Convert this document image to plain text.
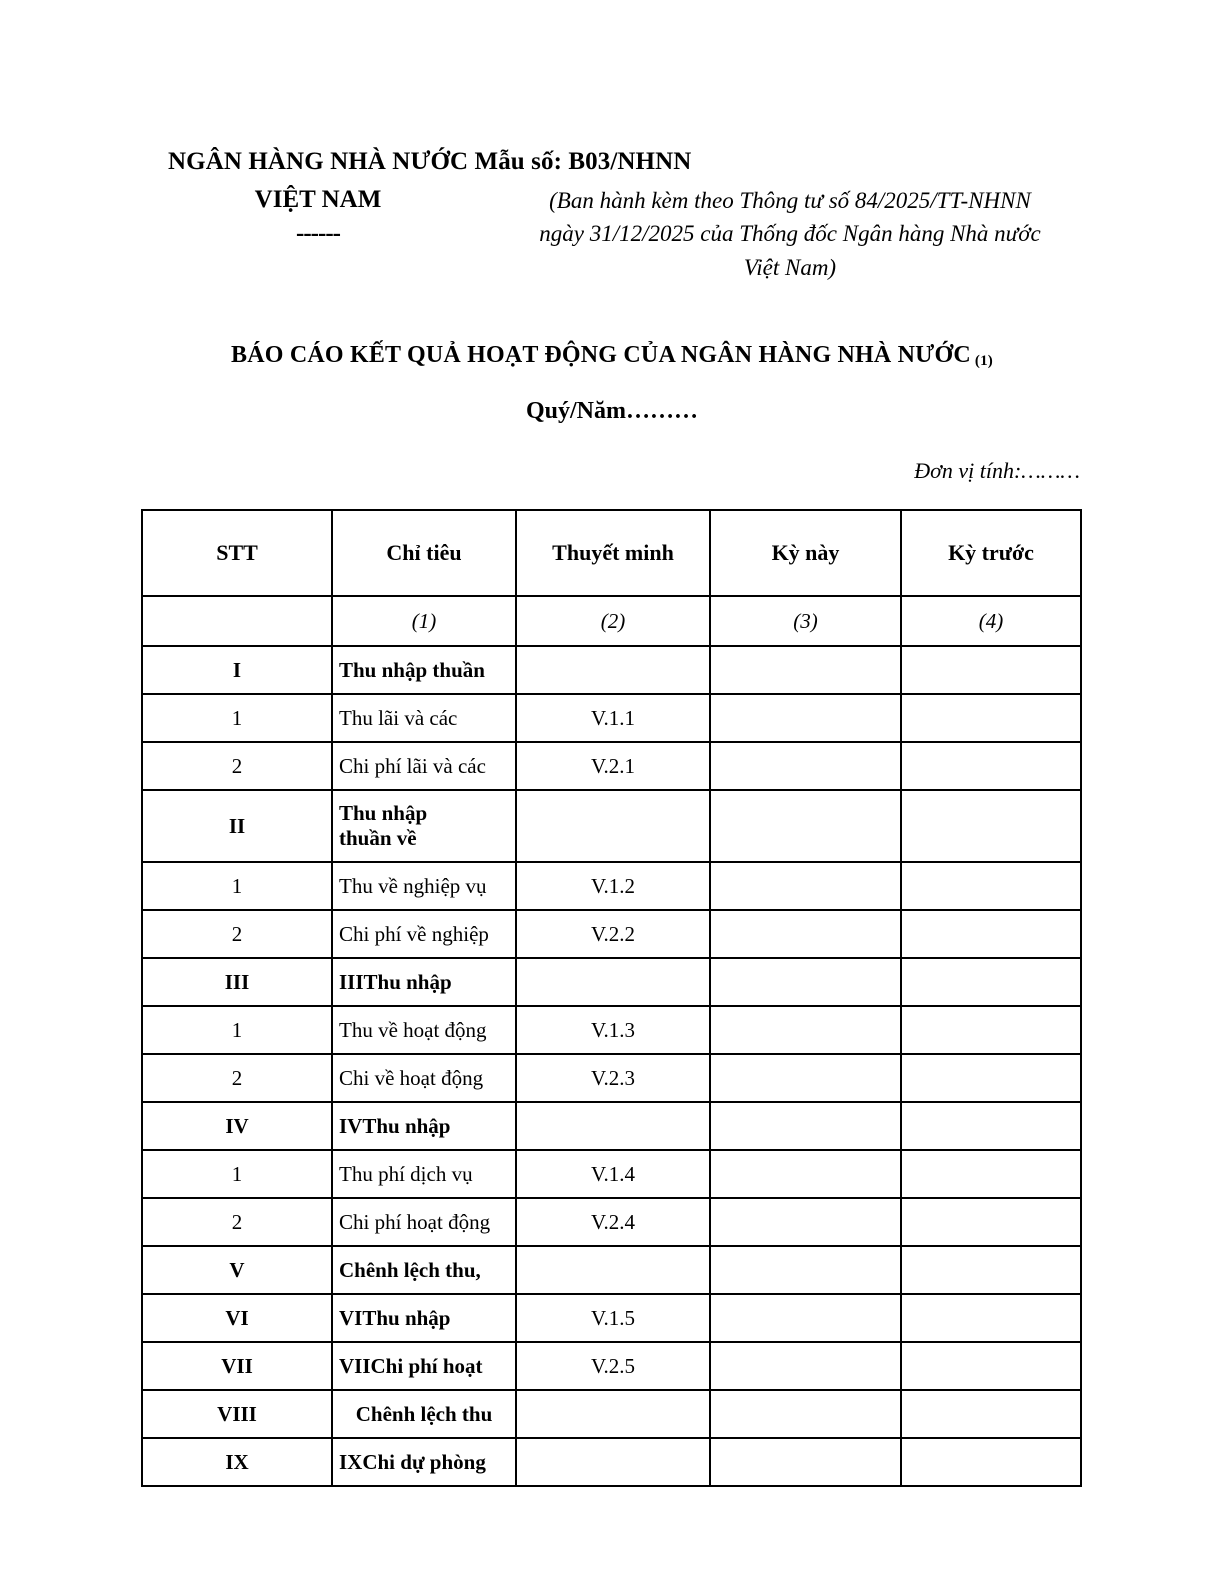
NGÂN HÀNG NHÀ NƯỚC Mẫu số: B03/NHNN
VIỆT NAM
------
(Ban hành kèm theo Thông tư số 84/2025/TT-NHNN
ngày 31/12/2025 của Thống đốc Ngân hàng Nhà nước
Việt Nam)
BÁO CÁO KẾT QUẢ HOẠT ĐỘNG CỦA NGÂN HÀNG NHÀ NƯỚC (1)
Quý/Năm………
Đơn vị tính:………
STT	Chỉ tiêu	Thuyết minh	Kỳ này	Kỳ trước
	(1)	(2)	(3)	(4)
I	Thu nhập thuần			
1	Thu lãi và các	V.1.1		
2	Chi phí lãi và các	V.2.1		
II	Thu nhập
thuần về			
1	Thu về nghiệp vụ	V.1.2		
2	Chi phí về nghiệp	V.2.2		
III	IIIThu nhập			
1	Thu về hoạt động	V.1.3		
2	Chi về hoạt động	V.2.3		
IV	IVThu nhập			
1	Thu phí dịch vụ	V.1.4		
2	Chi phí hoạt động	V.2.4		
V	Chênh lệch thu,			
VI	VIThu nhập	V.1.5		
VII	VIIChi phí hoạt	V.2.5		
VIII	Chênh lệch thu			
IX	IXChi dự phòng			
